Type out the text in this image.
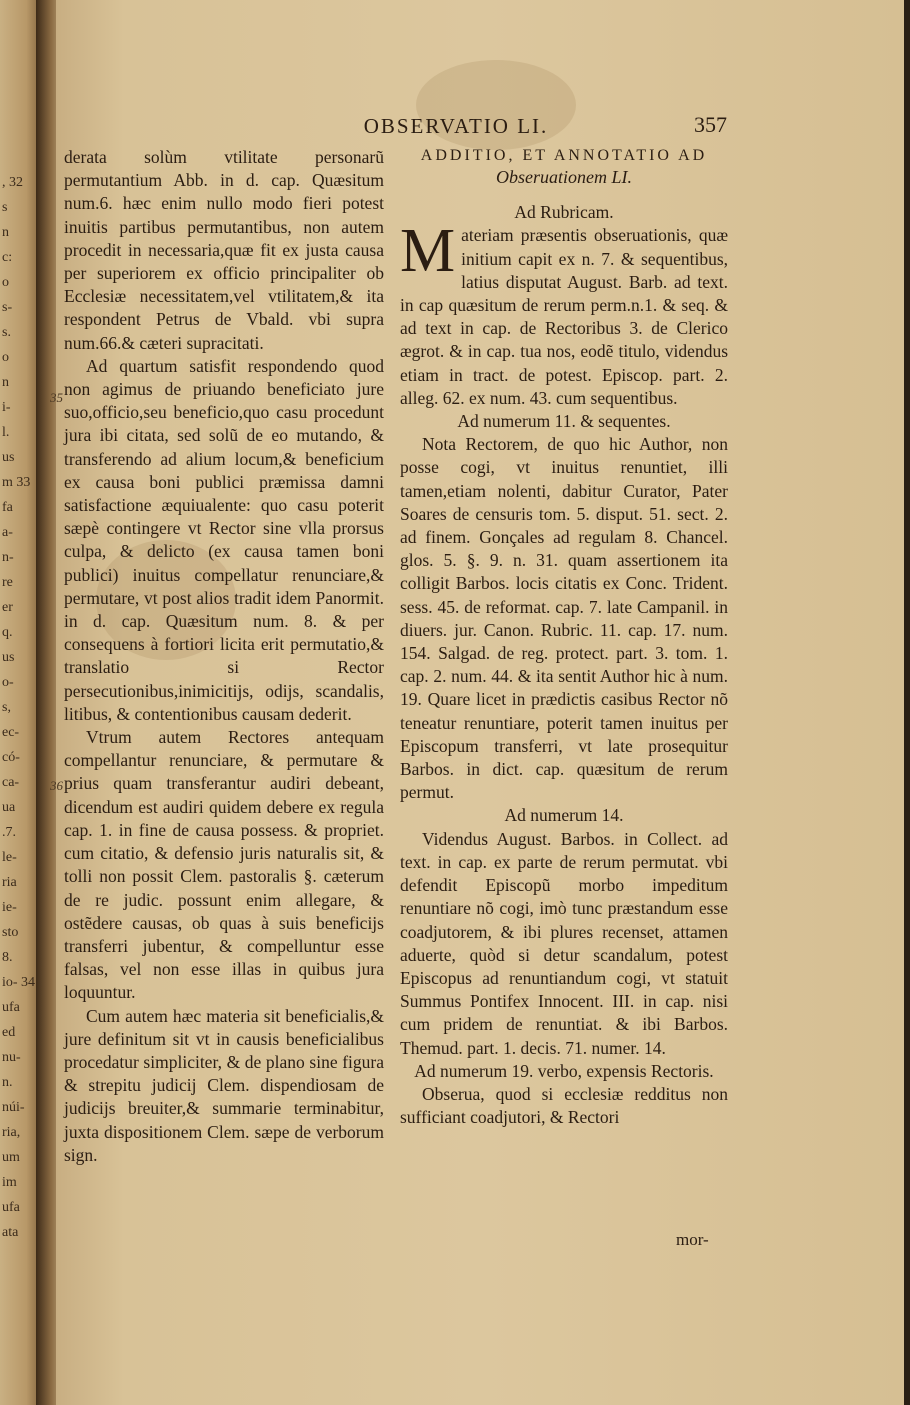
, 32
s
n
c:
o
s-
s.
o
n
i-
l.
us
m 33
fa
a-
n-
re
er
q.
us
o-
s,
ec-
có-
ca-
ua
.7.
le-
ria
ie-
sto
8.
io- 34
ufa
ed
nu-
n.
núi-
ria,
um
im
ufa
ata
OBSERVATIO LI.	357
35
36

derata solùm vtilitate personarũ permutantium Abb. in d. cap. Quæsitum num.6. hæc enim nullo modo fieri potest inuitis partibus permutantibus, non autem procedit in necessaria,quæ fit ex justa causa per superiorem ex officio principaliter ob Ecclesiæ necessitatem,vel vtilitatem,& ita respondent Petrus de Vbald. vbi supra num.66.& cæteri supracitati.

Ad quartum satisfit respondendo quod non agimus de priuando beneficiato jure suo,officio,seu beneficio,quo casu procedunt jura ibi citata, sed solũ de eo mutando, & transferendo ad alium locum,& beneficium ex causa boni publici præmissa damni satisfactione æquiualente: quo casu poterit sæpè contingere vt Rector sine vlla prorsus culpa, & delicto (ex causa tamen boni publici) inuitus compellatur renunciare,& permutare, vt post alios tradit idem Panormit. in d. cap. Quæsitum num. 8. & per consequens à fortiori licita erit permutatio,& translatio si Rector persecutionibus,inimicitijs, odijs, scandalis, litibus, & contentionibus causam dederit.

Vtrum autem Rectores antequam compellantur renunciare, & permutare & prius quam transferantur audiri debeant, dicendum est audiri quidem debere ex regula cap. 1. in fine de causa possess. & propriet. cum citatio, & defensio juris naturalis sit, & tolli non possit Clem. pastoralis §. cæterum de re judic. possunt enim allegare, & ostẽdere causas, ob quas à suis beneficijs transferri jubentur, & compelluntur esse falsas, vel non esse illas in quibus jura loquuntur.

Cum autem hæc materia sit beneficialis,& jure definitum sit vt in causis beneficialibus procedatur simpliciter, & de plano sine figura & strepitu judicij Clem. dispendiosam de judicijs breuiter,& summarie terminabitur, juxta dispositionem Clem. sæpe de verborum sign.

ADDITIO, ET ANNOTATIO AD

Obseruationem LI.

Ad Rubricam.

Materiam præsentis obseruationis, quæ initium capit ex n. 7. & sequentibus, latius disputat August. Barb. ad text. in cap quæsitum de rerum perm.n.1. & seq. & ad text in cap. de Rectoribus 3. de Clerico ægrot. & in cap. tua nos, eodẽ titulo, videndus etiam in tract. de potest. Episcop. part. 2. alleg. 62. ex num. 43. cum sequentibus.

Ad numerum 11. & sequentes.

Nota Rectorem, de quo hic Author, non posse cogi, vt inuitus renuntiet, illi tamen,etiam nolenti, dabitur Curator, Pater Soares de censuris tom. 5. disput. 51. sect. 2. ad finem. Gonçales ad regulam 8. Chancel. glos. 5. §. 9. n. 31. quam assertionem ita colligit Barbos. locis citatis ex Conc. Trident. sess. 45. de reformat. cap. 7. late Campanil. in diuers. jur. Canon. Rubric. 11. cap. 17. num. 154. Salgad. de reg. protect. part. 3. tom. 1. cap. 2. num. 44. & ita sentit Author hic à num. 19. Quare licet in prædictis casibus Rector nõ teneatur renuntiare, poterit tamen inuitus per Episcopum transferri, vt late prosequitur Barbos. in dict. cap. quæsitum de rerum permut.

Ad numerum 14.

Videndus August. Barbos. in Collect. ad text. in cap. ex parte de rerum permutat. vbi defendit Episcopũ morbo impeditum renuntiare nõ cogi, imò tunc præstandum esse coadjutorem, & ibi plures recenset, attamen aduerte, quòd si detur scandalum, potest Episcopus ad renuntiandum cogi, vt statuit Summus Pontifex Innocent. III. in cap. nisi cum pridem de renuntiat. & ibi Barbos. Themud. part. 1. decis. 71. numer. 14.

Ad numerum 19. verbo, expensis Rectoris.

Obserua, quod si ecclesiæ redditus non sufficiant coadjutori, & Rectori

mor-
